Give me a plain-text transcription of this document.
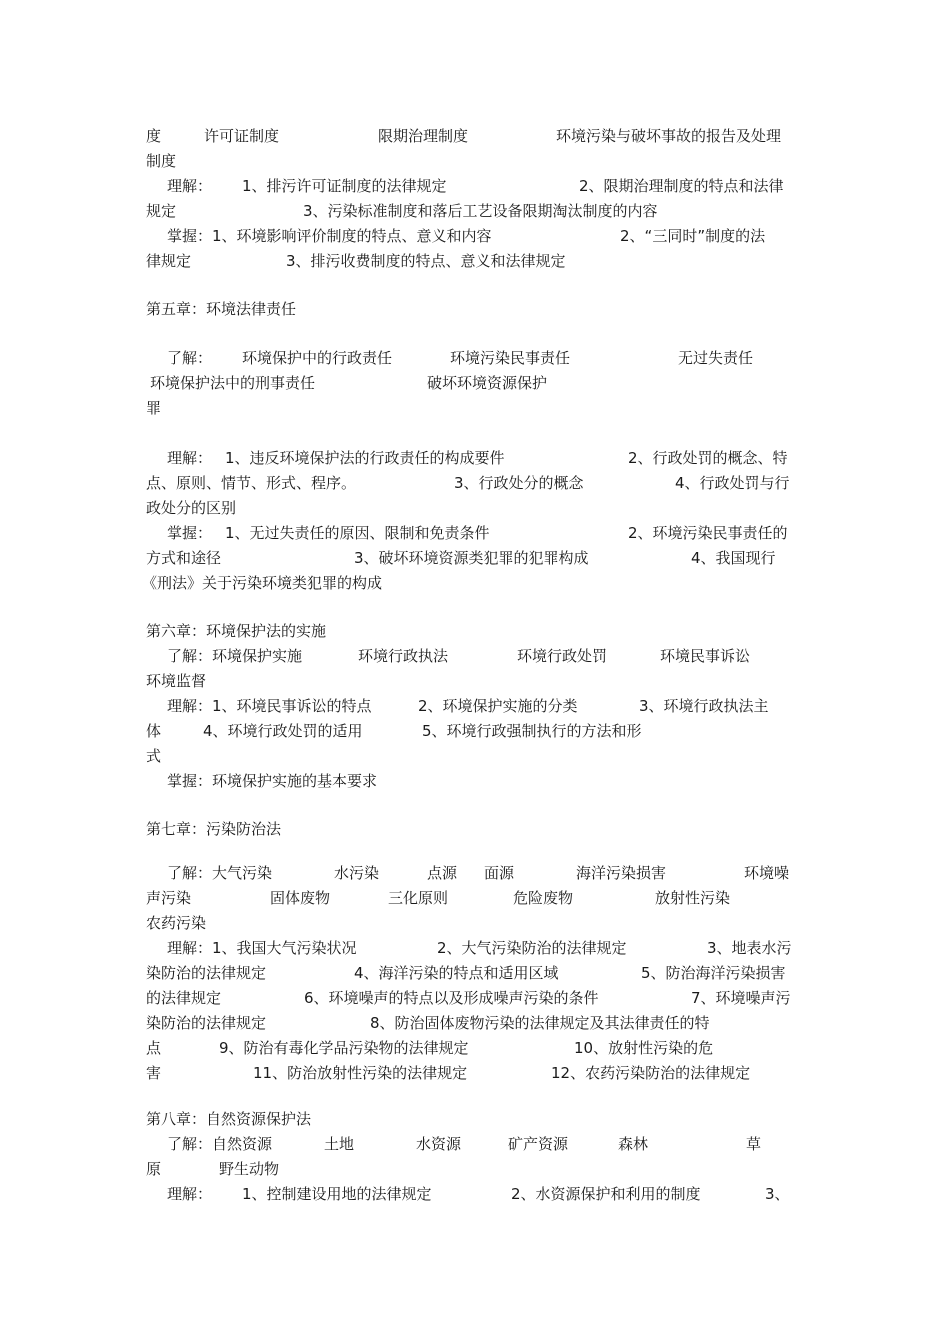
度	许可证制度	限期治理制度	环境污染与破坏事故的报告及处理
制度
理解： 1、排污许可证制度的法律规定	2、限期治理制度的特点和法律
规定	3、污染标准制度和落后工艺设备限期淘汰制度的内容
掌握：1、环境影响评价制度的特点、意义和内容	2、“三同时”制度的法
律规定	3、排污收费制度的特点、意义和法律规定
第五章：环境法律责任
了解： 环境保护中的行政责任	环境污染民事责任	无过失责任
环境保护法中的刑事责任	破坏环境资源保护
罪
理解： 1、违反环境保护法的行政责任的构成要件	2、行政处罚的概念、特
点、原则、情节、形式、程序。	3、行政处分的概念	4、行政处罚与行
政处分的区别
掌握： 1、无过失责任的原因、限制和免责条件	2、环境污染民事责任的
方式和途径	3、破坏环境资源类犯罪的犯罪构成	4、我国现行
《刑法》关于污染环境类犯罪的构成
第六章：环境保护法的实施
了解：环境保护实施	环境行政执法	环境行政处罚	环境民事诉讼
环境监督
理解：1、环境民事诉讼的特点	2、环境保护实施的分类	3、环境行政执法主
体	4、环境行政处罚的适用	5、环境行政强制执行的方法和形
式
掌握：环境保护实施的基本要求
第七章：污染防治法
了解：大气污染	水污染	点源 面源	海洋污染损害	环境噪
声污染	固体废物	三化原则	危险废物	放射性污染
农药污染
理解：1、我国大气污染状况	2、大气污染防治的法律规定	3、地表水污
染防治的法律规定	4、海洋污染的特点和适用区域	5、防治海洋污染损害
的法律规定	6、环境噪声的特点以及形成噪声污染的条件	7、环境噪声污
染防治的法律规定	8、防治固体废物污染的法律规定及其法律责任的特
点	9、防治有毒化学品污染物的法律规定	10、放射性污染的危
害	11、防治放射性污染的法律规定	12、农药污染防治的法律规定
第八章：自然资源保护法
了解：自然资源	土地	水资源	矿产资源	森林	草
原	野生动物
理解： 1、控制建设用地的法律规定	2、水资源保护和利用的制度	3、
